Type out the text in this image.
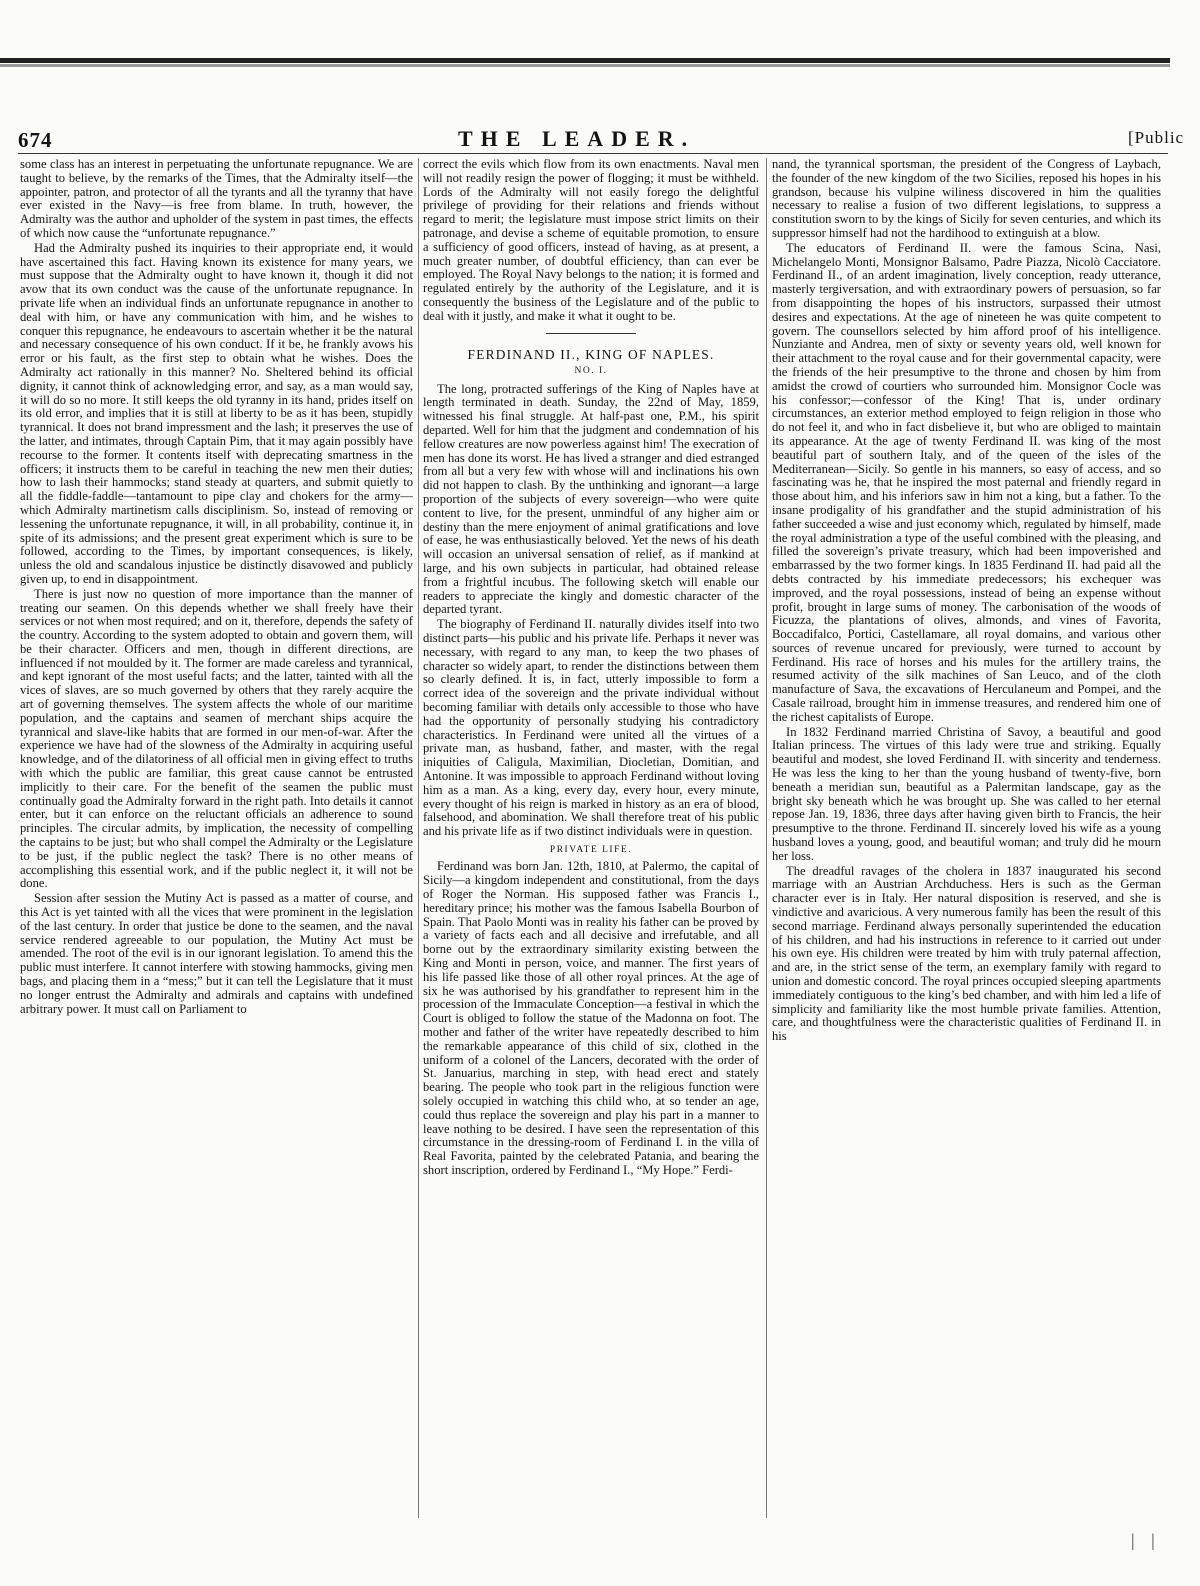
674	THE LEADER.	[Public

some class has an interest in perpetuating the unfortunate repugnance. We are taught to believe, by the remarks of the Times, that the Admiralty itself—the appointer, patron, and protector of all the tyrants and all the tyranny that have ever existed in the Navy—is free from blame. In truth, however, the Admiralty was the author and upholder of the system in past times, the effects of which now cause the “unfortunate repugnance.”

Had the Admiralty pushed its inquiries to their appropriate end, it would have ascertained this fact. Having known its existence for many years, we must suppose that the Admiralty ought to have known it, though it did not avow that its own conduct was the cause of the unfortunate repugnance. In private life when an individual finds an unfortunate repugnance in another to deal with him, or have any communication with him, and he wishes to conquer this repugnance, he endeavours to ascertain whether it be the natural and necessary consequence of his own conduct. If it be, he frankly avows his error or his fault, as the first step to obtain what he wishes. Does the Admiralty act rationally in this manner? No. Sheltered behind its official dignity, it cannot think of acknowledging error, and say, as a man would say, it will do so no more. It still keeps the old tyranny in its hand, prides itself on its old error, and implies that it is still at liberty to be as it has been, stupidly tyrannical. It does not brand impressment and the lash; it preserves the use of the latter, and intimates, through Captain Pim, that it may again possibly have recourse to the former. It contents itself with deprecating smartness in the officers; it instructs them to be careful in teaching the new men their duties; how to lash their hammocks; stand steady at quarters, and submit quietly to all the fiddle-faddle—tantamount to pipe clay and chokers for the army—which Admiralty martinetism calls disciplinism. So, instead of removing or lessening the unfortunate repugnance, it will, in all probability, continue it, in spite of its admissions; and the present great experiment which is sure to be followed, according to the Times, by important consequences, is likely, unless the old and scandalous injustice be distinctly disavowed and publicly given up, to end in disappointment.

There is just now no question of more importance than the manner of treating our seamen. On this depends whether we shall freely have their services or not when most required; and on it, therefore, depends the safety of the country. According to the system adopted to obtain and govern them, will be their character. Officers and men, though in different directions, are influenced if not moulded by it. The former are made careless and tyrannical, and kept ignorant of the most useful facts; and the latter, tainted with all the vices of slaves, are so much governed by others that they rarely acquire the art of governing themselves. The system affects the whole of our maritime population, and the captains and seamen of merchant ships acquire the tyrannical and slave-like habits that are formed in our men-of-war. After the experience we have had of the slowness of the Admiralty in acquiring useful knowledge, and of the dilatoriness of all official men in giving effect to truths with which the public are familiar, this great cause cannot be entrusted implicitly to their care. For the benefit of the seamen the public must continually goad the Admiralty forward in the right path. Into details it cannot enter, but it can enforce on the reluctant officials an adherence to sound principles. The circular admits, by implication, the necessity of compelling the captains to be just; but who shall compel the Admiralty or the Legislature to be just, if the public neglect the task? There is no other means of accomplishing this essential work, and if the public neglect it, it will not be done.

Session after session the Mutiny Act is passed as a matter of course, and this Act is yet tainted with all the vices that were prominent in the legislation of the last century. In order that justice be done to the seamen, and the naval service rendered agreeable to our population, the Mutiny Act must be amended. The root of the evil is in our ignorant legislation. To amend this the public must interfere. It cannot interfere with stowing hammocks, giving men bags, and placing them in a “mess;” but it can tell the Legislature that it must no longer entrust the Admiralty and admirals and captains with undefined arbitrary power. It must call on Parliament to

correct the evils which flow from its own enactments. Naval men will not readily resign the power of flogging; it must be withheld. Lords of the Admiralty will not easily forego the delightful privilege of providing for their relations and friends without regard to merit; the legislature must impose strict limits on their patronage, and devise a scheme of equitable promotion, to ensure a sufficiency of good officers, instead of having, as at present, a much greater number, of doubtful efficiency, than can ever be employed. The Royal Navy belongs to the nation; it is formed and regulated entirely by the authority of the Legislature, and it is consequently the business of the Legislature and of the public to deal with it justly, and make it what it ought to be.

FERDINAND II., KING OF NAPLES.
NO. I.

The long, protracted sufferings of the King of Naples have at length terminated in death. Sunday, the 22nd of May, 1859, witnessed his final struggle. At half-past one, P.M., his spirit departed. Well for him that the judgment and condemnation of his fellow creatures are now powerless against him! The execration of men has done its worst. He has lived a stranger and died estranged from all but a very few with whose will and inclinations his own did not happen to clash. By the unthinking and ignorant—a large proportion of the subjects of every sovereign—who were quite content to live, for the present, unmindful of any higher aim or destiny than the mere enjoyment of animal gratifications and love of ease, he was enthusiastically beloved. Yet the news of his death will occasion an universal sensation of relief, as if mankind at large, and his own subjects in particular, had obtained release from a frightful incubus. The following sketch will enable our readers to appreciate the kingly and domestic character of the departed tyrant.

The biography of Ferdinand II. naturally divides itself into two distinct parts—his public and his private life. Perhaps it never was necessary, with regard to any man, to keep the two phases of character so widely apart, to render the distinctions between them so clearly defined. It is, in fact, utterly impossible to form a correct idea of the sovereign and the private individual without becoming familiar with details only accessible to those who have had the opportunity of personally studying his contradictory characteristics. In Ferdinand were united all the virtues of a private man, as husband, father, and master, with the regal iniquities of Caligula, Maximilian, Diocletian, Domitian, and Antonine. It was impossible to approach Ferdinand without loving him as a man. As a king, every day, every hour, every minute, every thought of his reign is marked in history as an era of blood, falsehood, and abomination. We shall therefore treat of his public and his private life as if two distinct individuals were in question.

PRIVATE LIFE.

Ferdinand was born Jan. 12th, 1810, at Palermo, the capital of Sicily—a kingdom independent and constitutional, from the days of Roger the Norman. His supposed father was Francis I., hereditary prince; his mother was the famous Isabella Bourbon of Spain. That Paolo Monti was in reality his father can be proved by a variety of facts each and all decisive and irrefutable, and all borne out by the extraordinary similarity existing between the King and Monti in person, voice, and manner. The first years of his life passed like those of all other royal princes. At the age of six he was authorised by his grandfather to represent him in the procession of the Immaculate Conception—a festival in which the Court is obliged to follow the statue of the Madonna on foot. The mother and father of the writer have repeatedly described to him the remarkable appearance of this child of six, clothed in the uniform of a colonel of the Lancers, decorated with the order of St. Januarius, marching in step, with head erect and stately bearing. The people who took part in the religious function were solely occupied in watching this child who, at so tender an age, could thus replace the sovereign and play his part in a manner to leave nothing to be desired. I have seen the representation of this circumstance in the dressing-room of Ferdinand I. in the villa of Real Favorita, painted by the celebrated Patania, and bearing the short inscription, ordered by Ferdinand I., “My Hope.” Ferdi-

nand, the tyrannical sportsman, the president of the Congress of Laybach, the founder of the new kingdom of the two Sicilies, reposed his hopes in his grandson, because his vulpine wiliness discovered in him the qualities necessary to realise a fusion of two different legislations, to suppress a constitution sworn to by the kings of Sicily for seven centuries, and which its suppressor himself had not the hardihood to extinguish at a blow.

The educators of Ferdinand II. were the famous Scina, Nasi, Michelangelo Monti, Monsignor Balsamo, Padre Piazza, Nicolò Cacciatore. Ferdinand II., of an ardent imagination, lively conception, ready utterance, masterly tergiversation, and with extraordinary powers of persuasion, so far from disappointing the hopes of his instructors, surpassed their utmost desires and expectations. At the age of nineteen he was quite competent to govern. The counsellors selected by him afford proof of his intelligence. Nunziante and Andrea, men of sixty or seventy years old, well known for their attachment to the royal cause and for their governmental capacity, were the friends of the heir presumptive to the throne and chosen by him from amidst the crowd of courtiers who surrounded him. Monsignor Cocle was his confessor;—confessor of the King! That is, under ordinary circumstances, an exterior method employed to feign religion in those who do not feel it, and who in fact disbelieve it, but who are obliged to maintain its appearance. At the age of twenty Ferdinand II. was king of the most beautiful part of southern Italy, and of the queen of the isles of the Mediterranean—Sicily. So gentle in his manners, so easy of access, and so fascinating was he, that he inspired the most paternal and friendly regard in those about him, and his inferiors saw in him not a king, but a father. To the insane prodigality of his grandfather and the stupid administration of his father succeeded a wise and just economy which, regulated by himself, made the royal administration a type of the useful combined with the pleasing, and filled the sovereign’s private treasury, which had been impoverished and embarrassed by the two former kings. In 1835 Ferdinand II. had paid all the debts contracted by his immediate predecessors; his exchequer was improved, and the royal possessions, instead of being an expense without profit, brought in large sums of money. The carbonisation of the woods of Ficuzza, the plantations of olives, almonds, and vines of Favorita, Boccadifalco, Portici, Castellamare, all royal domains, and various other sources of revenue uncared for previously, were turned to account by Ferdinand. His race of horses and his mules for the artillery trains, the resumed activity of the silk machines of San Leuco, and of the cloth manufacture of Sava, the excavations of Herculaneum and Pompei, and the Casale railroad, brought him in immense treasures, and rendered him one of the richest capitalists of Europe.

In 1832 Ferdinand married Christina of Savoy, a beautiful and good Italian princess. The virtues of this lady were true and striking. Equally beautiful and modest, she loved Ferdinand II. with sincerity and tenderness. He was less the king to her than the young husband of twenty-five, born beneath a meridian sun, beautiful as a Palermitan landscape, gay as the bright sky beneath which he was brought up. She was called to her eternal repose Jan. 19, 1836, three days after having given birth to Francis, the heir presumptive to the throne. Ferdinand II. sincerely loved his wife as a young husband loves a young, good, and beautiful woman; and truly did he mourn her loss.

The dreadful ravages of the cholera in 1837 inaugurated his second marriage with an Austrian Archduchess. Hers is such as the German character ever is in Italy. Her natural disposition is reserved, and she is vindictive and avaricious. A very numerous family has been the result of this second marriage. Ferdinand always personally superintended the education of his children, and had his instructions in reference to it carried out under his own eye. His children were treated by him with truly paternal affection, and are, in the strict sense of the term, an exemplary family with regard to union and domestic concord. The royal princes occupied sleeping apartments immediately contiguous to the king’s bed chamber, and with him led a life of simplicity and familiarity like the most humble private families. Attention, care, and thoughtfulness were the characteristic qualities of Ferdinand II. in his

| |
